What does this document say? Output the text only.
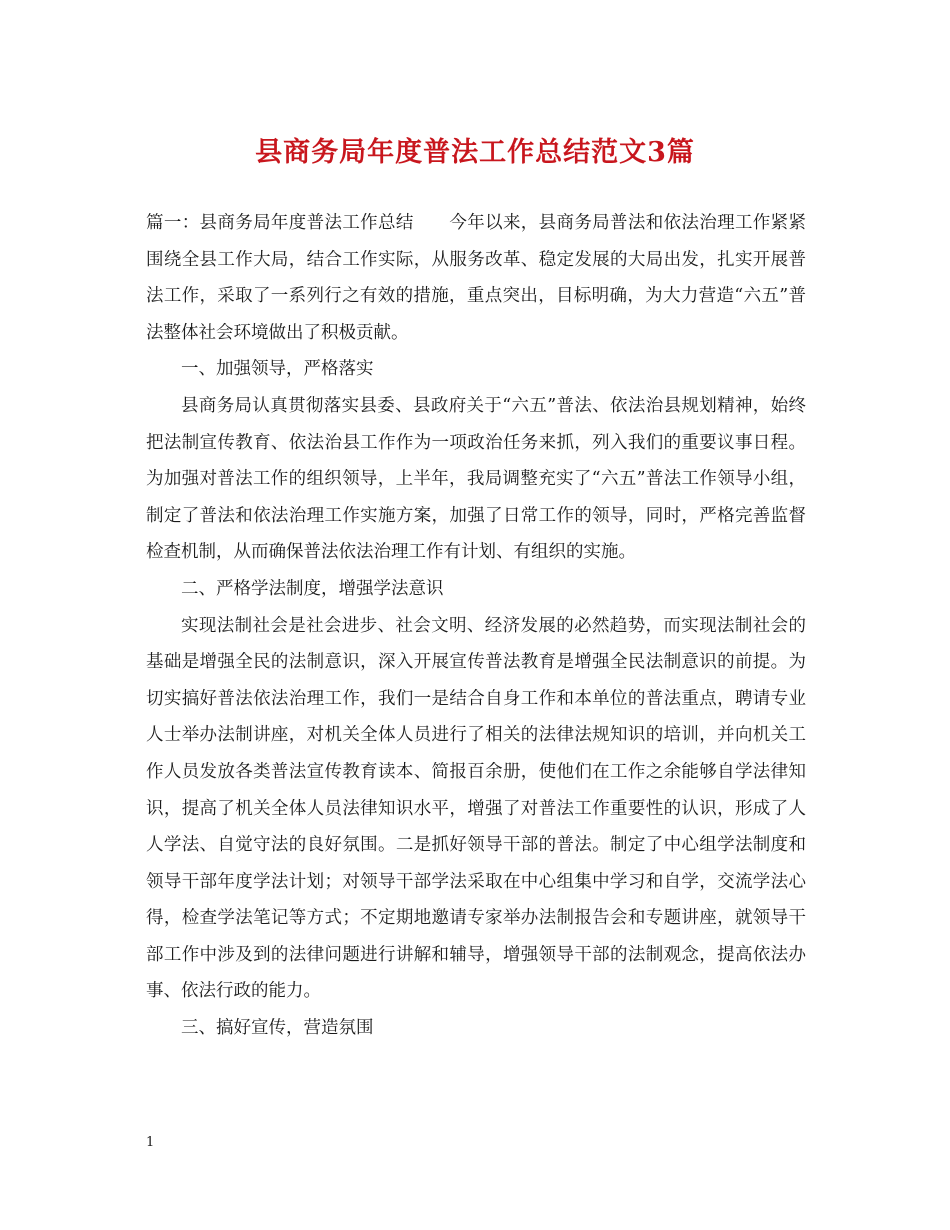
县商务局年度普法工作总结范文3篇

篇一：县商务局年度普法工作总结　　今年以来，县商务局普法和依法治理工作紧紧围绕全县工作大局，结合工作实际，从服务改革、稳定发展的大局出发，扎实开展普法工作，采取了一系列行之有效的措施，重点突出，目标明确，为大力营造“六五”普法整体社会环境做出了积极贡献。

一、加强领导，严格落实

县商务局认真贯彻落实县委、县政府关于“六五”普法、依法治县规划精神，始终把法制宣传教育、依法治县工作作为一项政治任务来抓，列入我们的重要议事日程。为加强对普法工作的组织领导，上半年，我局调整充实了“六五”普法工作领导小组，制定了普法和依法治理工作实施方案，加强了日常工作的领导，同时，严格完善监督检查机制，从而确保普法依法治理工作有计划、有组织的实施。

二、严格学法制度，增强学法意识

实现法制社会是社会进步、社会文明、经济发展的必然趋势，而实现法制社会的基础是增强全民的法制意识，深入开展宣传普法教育是增强全民法制意识的前提。为切实搞好普法依法治理工作，我们一是结合自身工作和本单位的普法重点，聘请专业人士举办法制讲座，对机关全体人员进行了相关的法律法规知识的培训，并向机关工作人员发放各类普法宣传教育读本、简报百余册，使他们在工作之余能够自学法律知识，提高了机关全体人员法律知识水平，增强了对普法工作重要性的认识，形成了人人学法、自觉守法的良好氛围。二是抓好领导干部的普法。制定了中心组学法制度和领导干部年度学法计划；对领导干部学法采取在中心组集中学习和自学，交流学法心得，检查学法笔记等方式；不定期地邀请专家举办法制报告会和专题讲座，就领导干部工作中涉及到的法律问题进行讲解和辅导，增强领导干部的法制观念，提高依法办事、依法行政的能力。

三、搞好宣传，营造氛围

1
